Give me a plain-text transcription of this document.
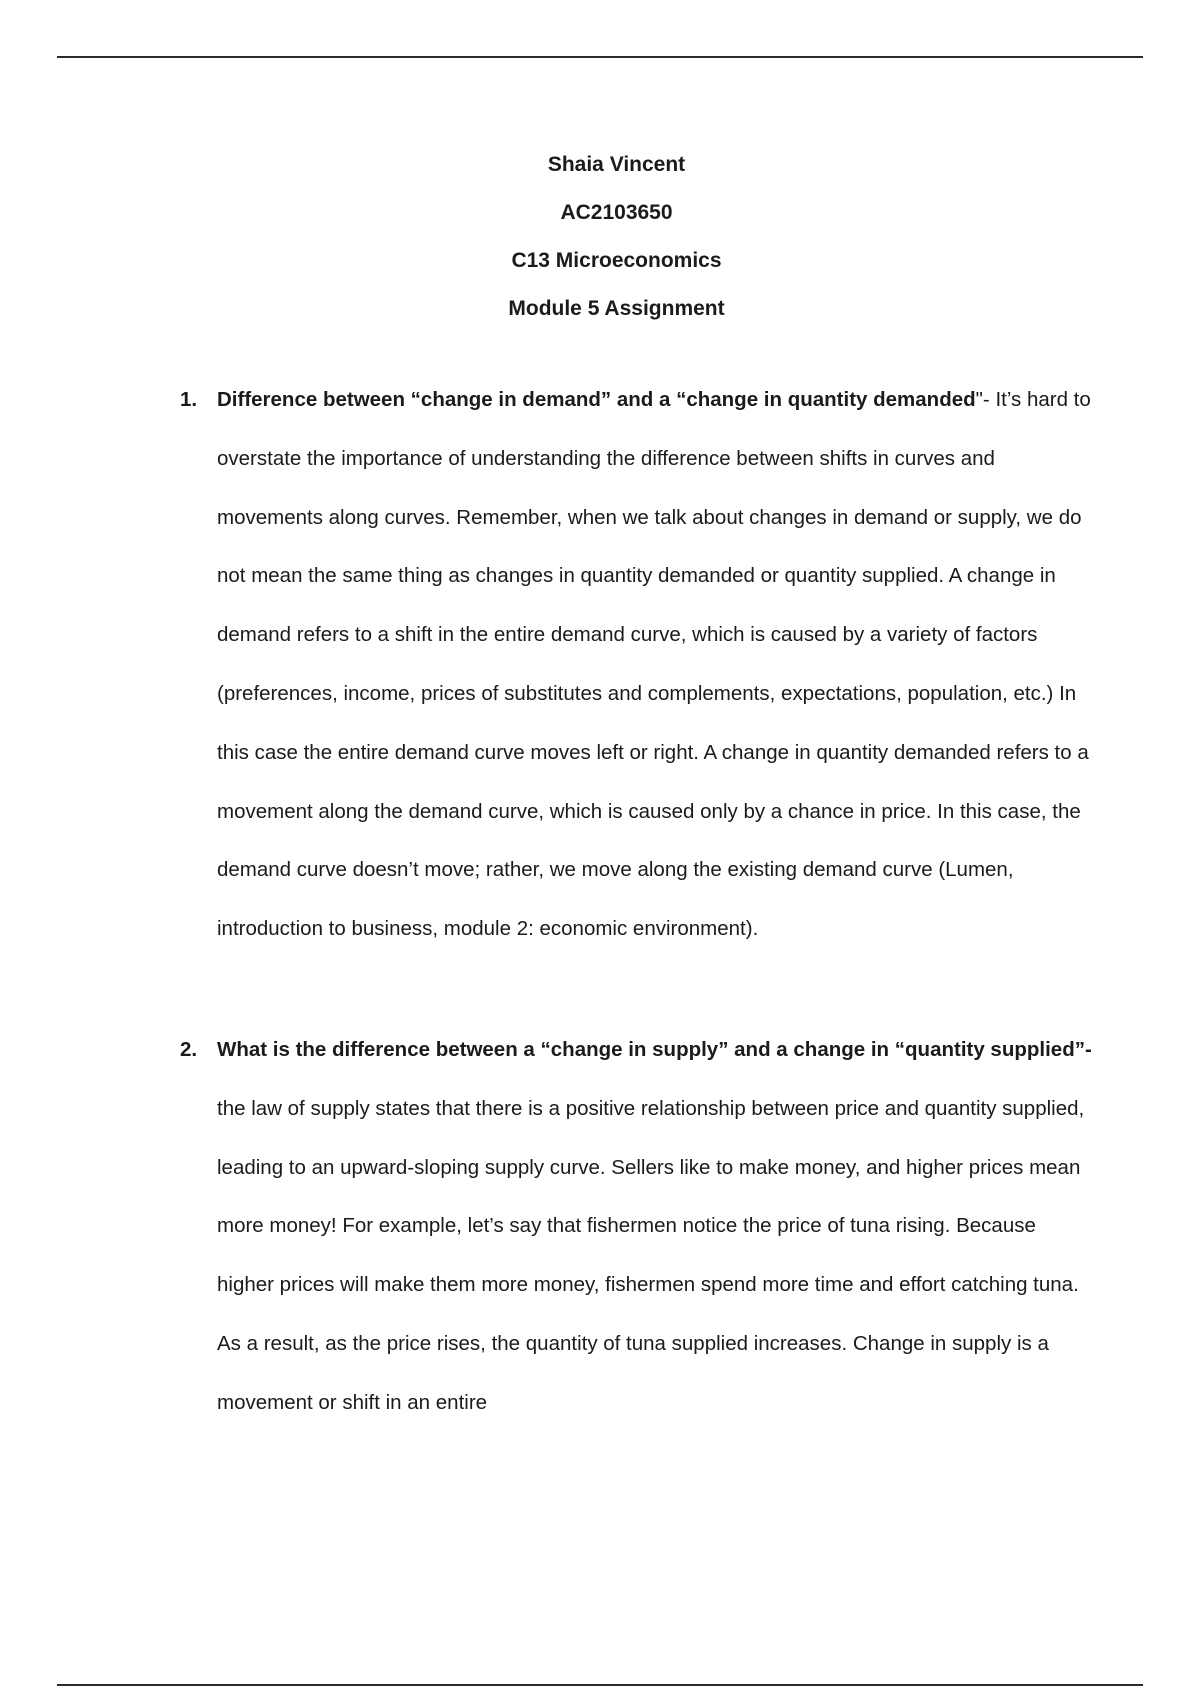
Shaia Vincent
AC2103650
C13 Microeconomics
Module 5 Assignment
1. Difference between “change in demand” and a “change in quantity demanded"- It’s hard to overstate the importance of understanding the difference between shifts in curves and movements along curves. Remember, when we talk about changes in demand or supply, we do not mean the same thing as changes in quantity demanded or quantity supplied. A change in demand refers to a shift in the entire demand curve, which is caused by a variety of factors (preferences, income, prices of substitutes and complements, expectations, population, etc.) In this case the entire demand curve moves left or right. A change in quantity demanded refers to a movement along the demand curve, which is caused only by a chance in price. In this case, the demand curve doesn’t move; rather, we move along the existing demand curve (Lumen, introduction to business, module 2: economic environment).
2. What is the difference between a “change in supply” and a change in “quantity supplied”- the law of supply states that there is a positive relationship between price and quantity supplied, leading to an upward-sloping supply curve. Sellers like to make money, and higher prices mean more money! For example, let’s say that fishermen notice the price of tuna rising. Because higher prices will make them more money, fishermen spend more time and effort catching tuna. As a result, as the price rises, the quantity of tuna supplied increases. Change in supply is a movement or shift in an entire
